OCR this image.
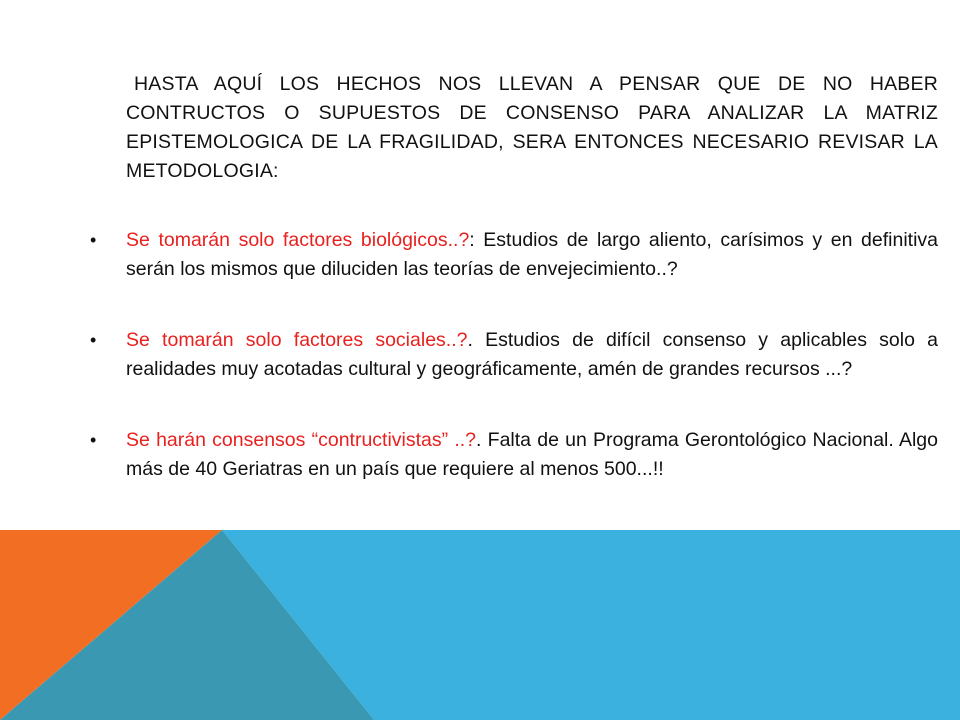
HASTA AQUÍ LOS HECHOS NOS LLEVAN A PENSAR QUE DE NO HABER CONTRUCTOS O SUPUESTOS DE CONSENSO PARA ANALIZAR LA MATRIZ EPISTEMOLOGICA DE LA FRAGILIDAD, SERA ENTONCES NECESARIO REVISAR LA METODOLOGIA:

• Se tomarán solo factores biológicos..?: Estudios de largo aliento, carísimos y en definitiva serán los mismos que diluciden las teorías de envejecimiento..?
• Se tomarán solo factores sociales..?. Estudios de difícil consenso y aplicables solo a realidades muy acotadas cultural y geográficamente, amén de grandes recursos ...?
• Se harán consensos “contructivistas” ..?. Falta de un Programa Gerontológico Nacional. Algo más de 40 Geriatras en un país que requiere al menos 500...!!
